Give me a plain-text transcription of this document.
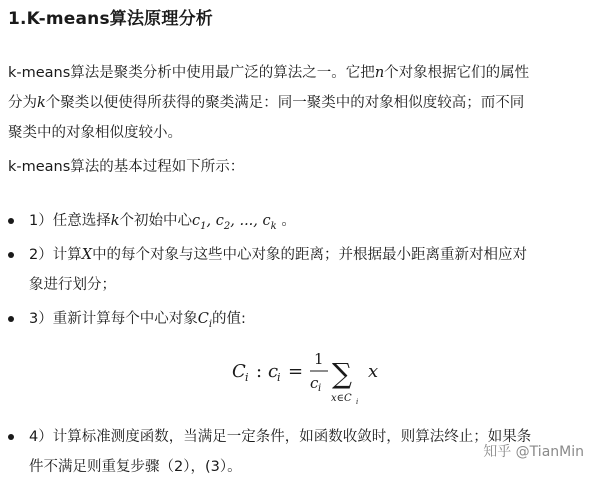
1.K-means算法原理分析
k-means算法是聚类分析中使用最广泛的算法之一。它把n个对象根据它们的属性
分为k个聚类以便使得所获得的聚类满足：同一聚类中的对象相似度较高；而不同
聚类中的对象相似度较小。
k-means算法的基本过程如下所示：
1）任意选择k个初始中心$c_1$, $c_2$, ..., $c_k$ 。
2）计算X中的每个对象与这些中心对象的距离；并根据最小距离重新对相应对
象进行划分；
3）重新计算每个中心对象$C_i$的值:
4）计算标准测度函数，当满足一定条件，如函数收敛时，则算法终止；如果条
件不满足则重复步骤（2），(3）。
C i : c
i =
1
c i ∑
x∈C i
x
知乎 @TianMin
